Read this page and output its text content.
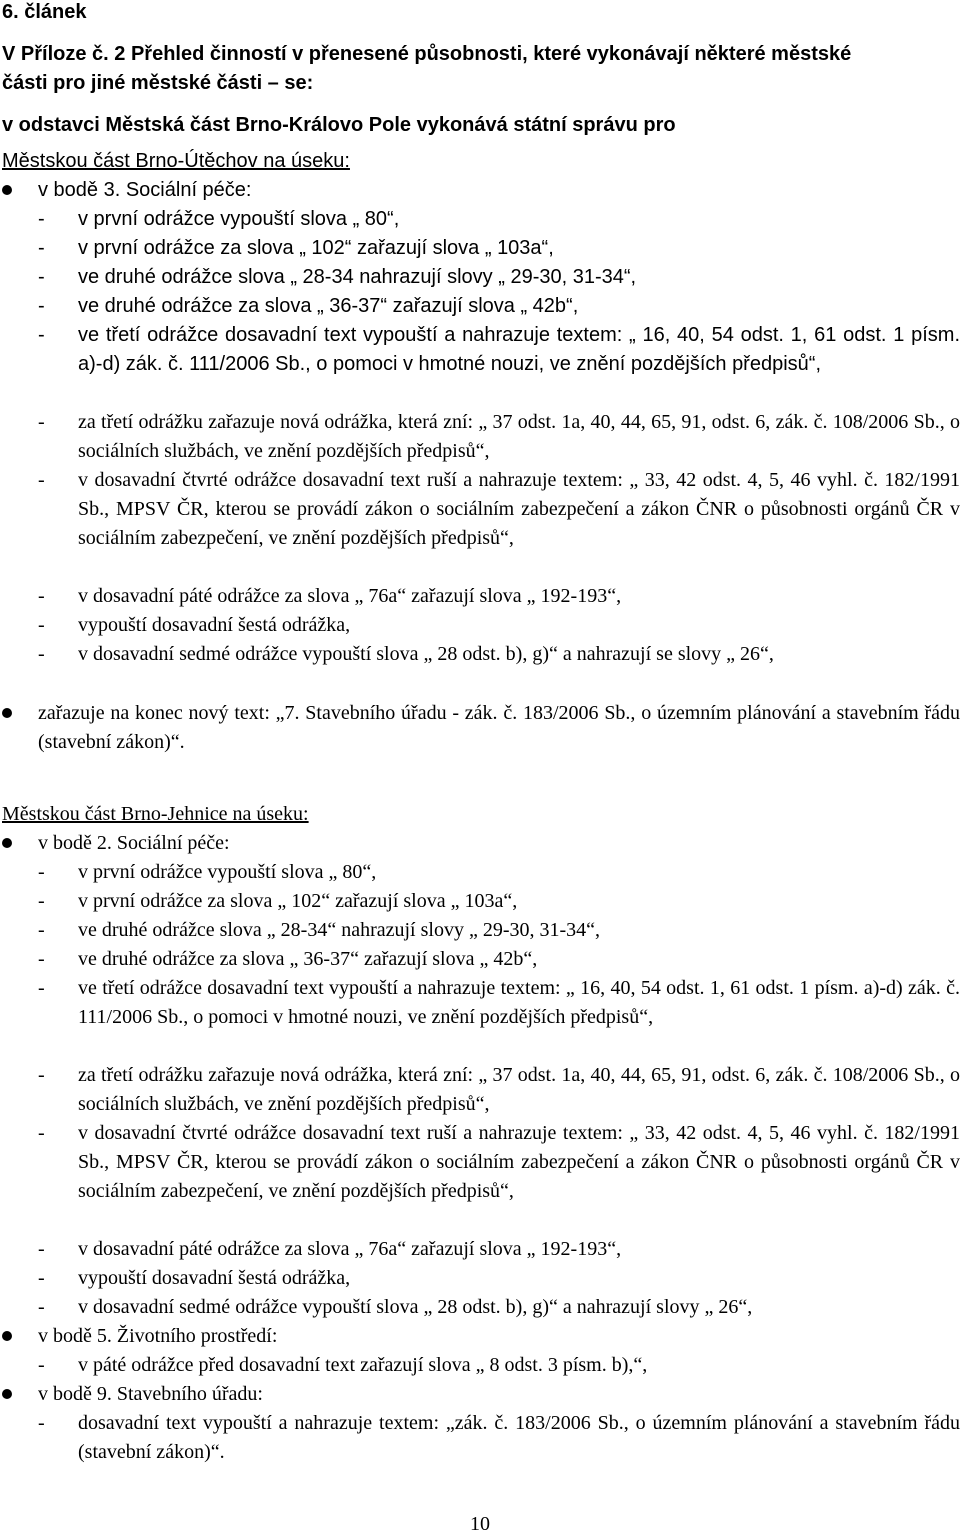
6. článek
V Příloze č. 2 Přehled činností v přenesené působnosti, které vykonávají některé městské
části pro jiné městské části – se:
v odstavci Městská část Brno-Královo Pole vykonává státní správu pro
Městskou část Brno-Útěchov na úseku:
v bodě 3. Sociální péče:
- v první odrážce vypouští slova „ 80“,
- v první odrážce za slova „ 102“ zařazují slova „ 103a“,
- ve druhé odrážce slova „ 28-34 nahrazují slovy „ 29-30, 31-34“,
- ve druhé odrážce za slova „ 36-37“ zařazují slova „ 42b“,
- ve třetí odrážce dosavadní text vypouští a nahrazuje textem: „ 16, 40, 54 odst. 1, 61 odst. 1 písm. a)-d) zák. č. 111/2006 Sb., o pomoci v hmotné nouzi, ve znění pozdějších předpisů“,
- za třetí odrážku zařazuje nová odrážka, která zní: „ 37 odst. 1a, 40, 44, 65, 91, odst. 6, zák. č. 108/2006 Sb., o sociálních službách, ve znění pozdějších předpisů“,
- v dosavadní čtvrté odrážce dosavadní text ruší a nahrazuje textem: „ 33, 42 odst. 4, 5, 46 vyhl. č. 182/1991 Sb., MPSV ČR, kterou se provádí zákon o sociálním zabezpečení a zákon ČNR o působnosti orgánů ČR v sociálním zabezpečení, ve znění pozdějších předpisů“,
- v dosavadní páté odrážce za slova „ 76a“ zařazují slova „ 192-193“,
- vypouští dosavadní šestá odrážka,
- v dosavadní sedmé odrážce vypouští slova „ 28 odst. b), g)“ a nahrazují se slovy „ 26“,
zařazuje na konec nový text: „7. Stavebního úřadu - zák. č. 183/2006 Sb., o územním plánování a stavebním řádu (stavební zákon)“.
Městskou část Brno-Jehnice na úseku:
v bodě 2. Sociální péče:
- v první odrážce vypouští slova „ 80“,
- v první odrážce za slova „ 102“ zařazují slova „ 103a“,
- ve druhé odrážce slova „ 28-34“ nahrazují slovy „ 29-30, 31-34“,
- ve druhé odrážce za slova „ 36-37“ zařazují slova „ 42b“,
- ve třetí odrážce dosavadní text vypouští a nahrazuje textem: „ 16, 40, 54 odst. 1, 61 odst. 1 písm. a)-d) zák. č. 111/2006 Sb., o pomoci v hmotné nouzi, ve znění pozdějších předpisů“,
- za třetí odrážku zařazuje nová odrážka, která zní: „ 37 odst. 1a, 40, 44, 65, 91, odst. 6, zák. č. 108/2006 Sb., o sociálních službách, ve znění pozdějších předpisů“,
- v dosavadní čtvrté odrážce dosavadní text ruší a nahrazuje textem: „ 33, 42 odst. 4, 5, 46 vyhl. č. 182/1991 Sb., MPSV ČR, kterou se provádí zákon o sociálním zabezpečení a zákon ČNR o působnosti orgánů ČR v sociálním zabezpečení, ve znění pozdějších předpisů“,
- v dosavadní páté odrážce za slova „ 76a“ zařazují slova „ 192-193“,
- vypouští dosavadní šestá odrážka,
- v dosavadní sedmé odrážce vypouští slova „ 28 odst. b), g)“ a nahrazují slovy „ 26“,
v bodě 5. Životního prostředí:
- v páté odrážce před dosavadní text zařazují slova „ 8 odst. 3 písm. b),“,
v bodě 9. Stavebního úřadu:
- dosavadní text vypouští a nahrazuje textem: „zák. č. 183/2006 Sb., o územním plánování a stavebním řádu (stavební zákon)“.
10
